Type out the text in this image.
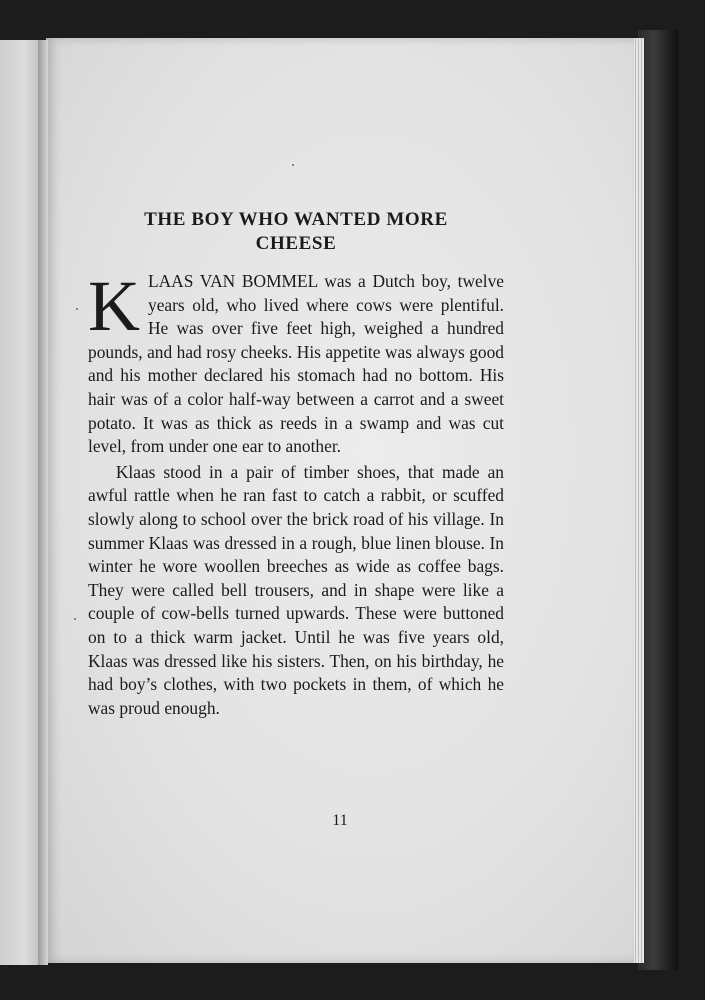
THE BOY WHO WANTED MORE
CHEESE

KLAAS VAN BOMMEL was a Dutch boy, twelve years old, who lived where cows were plentiful. He was over five feet high, weighed a hundred pounds, and had rosy cheeks. His appetite was always good and his mother declared his stomach had no bottom. His hair was of a color half-way between a carrot and a sweet potato. It was as thick as reeds in a swamp and was cut level, from under one ear to another.

Klaas stood in a pair of timber shoes, that made an awful rattle when he ran fast to catch a rabbit, or scuffed slowly along to school over the brick road of his village. In summer Klaas was dressed in a rough, blue linen blouse. In winter he wore woollen breeches as wide as coffee bags. They were called bell trousers, and in shape were like a couple of cow-bells turned upwards. These were buttoned on to a thick warm jacket. Until he was five years old, Klaas was dressed like his sisters. Then, on his birthday, he had boy’s clothes, with two pockets in them, of which he was proud enough.

11
